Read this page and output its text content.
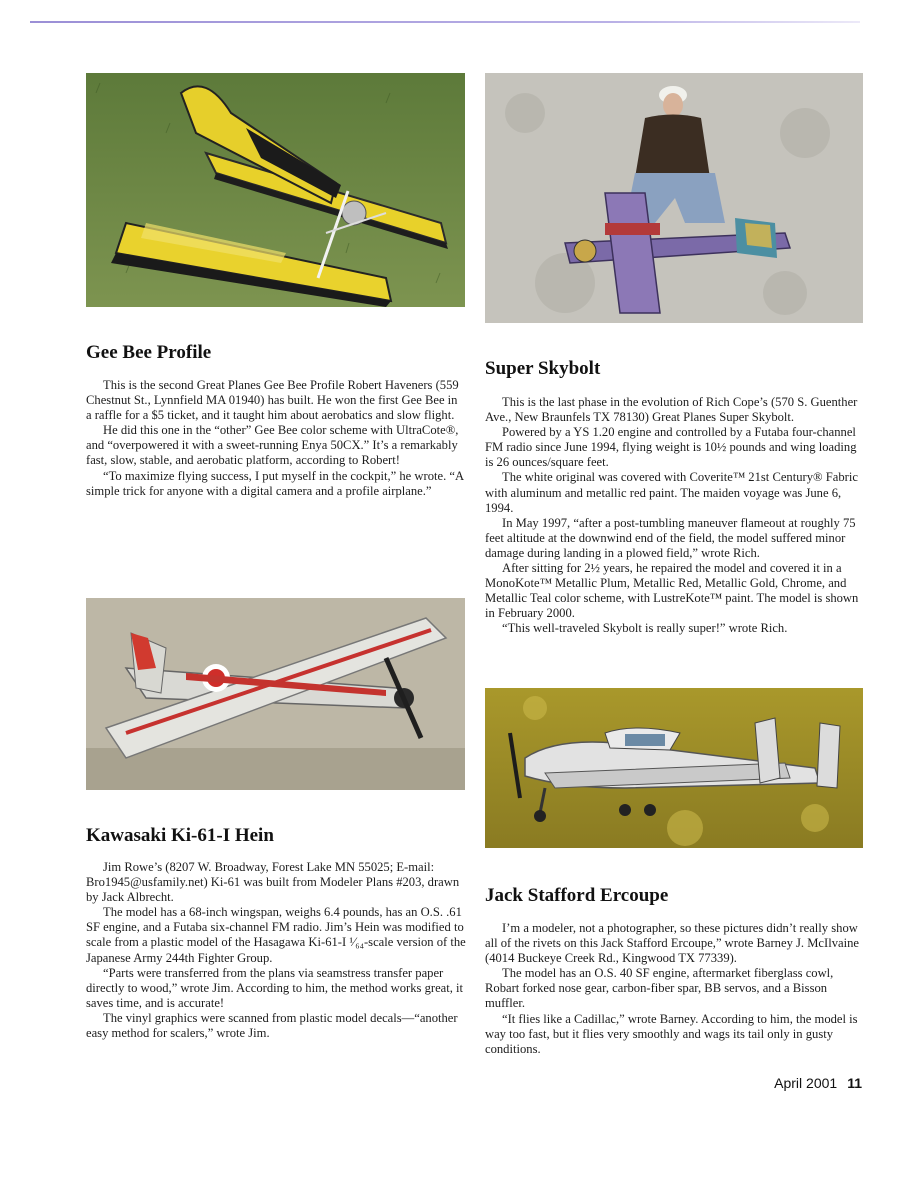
Gee Bee Profile

This is the second Great Planes Gee Bee Profile Robert Haveners (559 Chestnut St., Lynnfield MA 01940) has built. He won the first Gee Bee in a raffle for a $5 ticket, and it taught him about aerobatics and slow flight.

He did this one in the “other” Gee Bee color scheme with UltraCote®, and “overpowered it with a sweet-running Enya 50CX.” It’s a remarkably fast, slow, stable, and aerobatic platform, according to Robert!

“To maximize flying success, I put myself in the cockpit,” he wrote. “A simple trick for anyone with a digital camera and a profile airplane.”

Super Skybolt

This is the last phase in the evolution of Rich Cope’s (570 S. Guenther Ave., New Braunfels TX 78130) Great Planes Super Skybolt.

Powered by a YS 1.20 engine and controlled by a Futaba four-channel FM radio since June 1994, flying weight is 10½ pounds and wing loading is 26 ounces/square feet.

The white original was covered with Coverite™ 21st Century® Fabric with aluminum and metallic red paint. The maiden voyage was June 6, 1994.

In May 1997, “after a post-tumbling maneuver flameout at roughly 75 feet altitude at the downwind end of the field, the model suffered minor damage during landing in a plowed field,” wrote Rich.

After sitting for 2½ years, he repaired the model and covered it in a MonoKote™ Metallic Plum, Metallic Red, Metallic Gold, Chrome, and Metallic Teal color scheme, with LustreKote™ paint. The model is shown in February 2000.

“This well-traveled Skybolt is really super!” wrote Rich.

Kawasaki Ki-61-I Hein

Jim Rowe’s (8207 W. Broadway, Forest Lake MN 55025; E-mail: Bro1945@usfamily.net) Ki-61 was built from Modeler Plans #203, drawn by Jack Albrecht.

The model has a 68-inch wingspan, weighs 6.4 pounds, has an O.S. .61 SF engine, and a Futaba six-channel FM radio. Jim’s Hein was modified to scale from a plastic model of the Hasagawa Ki-61-I ¹⁄₆₄-scale version of the Japanese Army 244th Fighter Group.

“Parts were transferred from the plans via seamstress transfer paper directly to wood,” wrote Jim. According to him, the method works great, it saves time, and is accurate!

The vinyl graphics were scanned from plastic model decals—“another easy method for scalers,” wrote Jim.

Jack Stafford Ercoupe

I’m a modeler, not a photographer, so these pictures didn’t really show all of the rivets on this Jack Stafford Ercoupe,” wrote Barney J. McIlvaine (4014 Buckeye Creek Rd., Kingwood TX 77339).

The model has an O.S. 40 SF engine, aftermarket fiberglass cowl, Robart forked nose gear, carbon-fiber spar, BB servos, and a Bisson muffler.

“It flies like a Cadillac,” wrote Barney. According to him, the model is way too fast, but it flies very smoothly and wags its tail only in gusty conditions.

April 2001 11
